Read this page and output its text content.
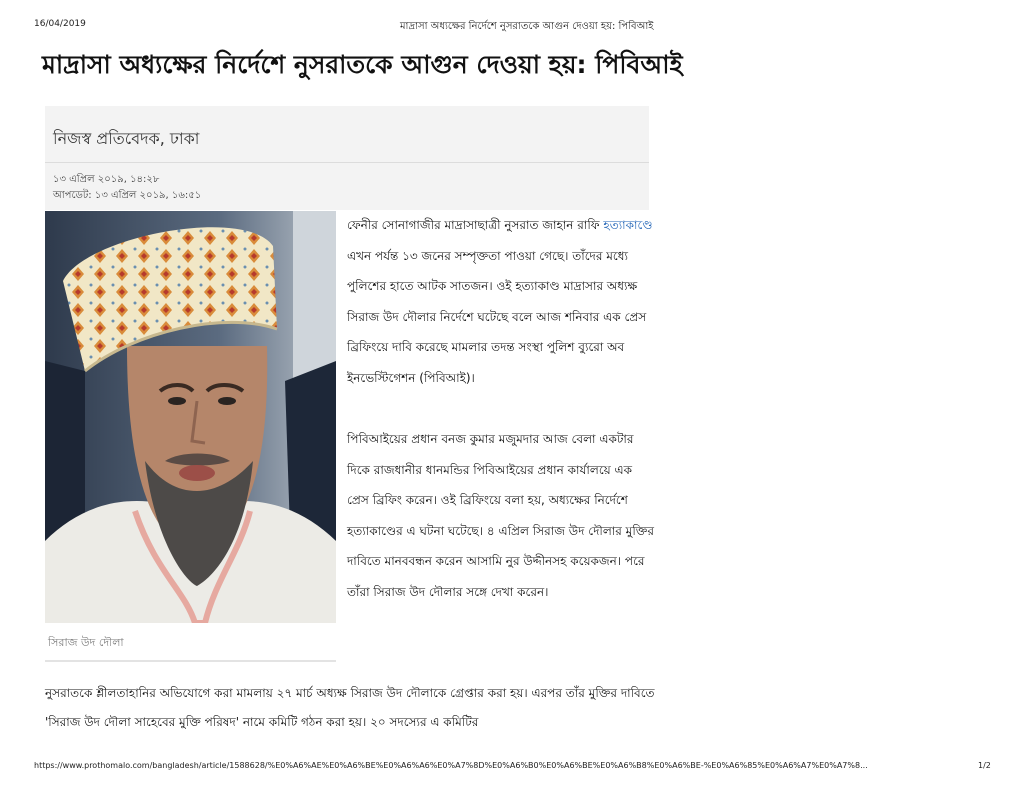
16/04/2019	মাদ্রাসা অধ্যক্ষের নির্দেশে নুসরাতকে আগুন দেওয়া হয়: পিবিআই
মাদ্রাসা অধ্যক্ষের নির্দেশে নুসরাতকে আগুন দেওয়া হয়: পিবিআই
নিজস্ব প্রতিবেদক, ঢাকা
১৩ এপ্রিল ২০১৯, ১৪:২৮
আপডেট: ১৩ এপ্রিল ২০১৯, ১৬:৫১
সিরাজ উদ দৌলা

ফেনীর সোনাগাজীর মাদ্রাসাছাত্রী নুসরাত জাহান রাফি হত্যাকাণ্ডে এখন পর্যন্ত ১৩ জনের সম্পৃক্ততা পাওয়া গেছে। তাঁদের মধ্যে পুলিশের হাতে আটক সাতজন। ওই হত্যাকাণ্ড মাদ্রাসার অধ্যক্ষ সিরাজ উদ দৌলার নির্দেশে ঘটেছে বলে আজ শনিবার এক প্রেস ব্রিফিংয়ে দাবি করেছে মামলার তদন্ত সংস্থা পুলিশ ব্যুরো অব ইনভেস্টিগেশন (পিবিআই)।

পিবিআইয়ের প্রধান বনজ কুমার মজুমদার আজ বেলা একটার দিকে রাজধানীর ধানমন্ডির পিবিআইয়ের প্রধান কার্যালয়ে এক প্রেস ব্রিফিং করেন। ওই ব্রিফিংয়ে বলা হয়, অধ্যক্ষের নির্দেশে হত্যাকাণ্ডের এ ঘটনা ঘটেছে। ৪ এপ্রিল সিরাজ উদ দৌলার মুক্তির দাবিতে মানববন্ধন করেন আসামি নুর উদ্দীনসহ কয়েকজন। পরে তাঁরা সিরাজ উদ দৌলার সঙ্গে দেখা করেন।

নুসরাতকে শ্লীলতাহানির অভিযোগে করা মামলায় ২৭ মার্চ অধ্যক্ষ সিরাজ উদ দৌলাকে গ্রেপ্তার করা হয়। এরপর তাঁর মুক্তির দাবিতে 'সিরাজ উদ দৌলা সাহেবের মুক্তি পরিষদ' নামে কমিটি গঠন করা হয়। ২০ সদস্যের এ কমিটির

https://www.prothomalo.com/bangladesh/article/1588628/%E0%A6%AE%E0%A6%BE%E0%A6%A6%E0%A7%8D%E0%A6%B0%E0%A6%BE%E0%A6%B8%E0%A6%BE-%E0%A6%85%E0%A6%A7%E0%A7%8...	1/2
